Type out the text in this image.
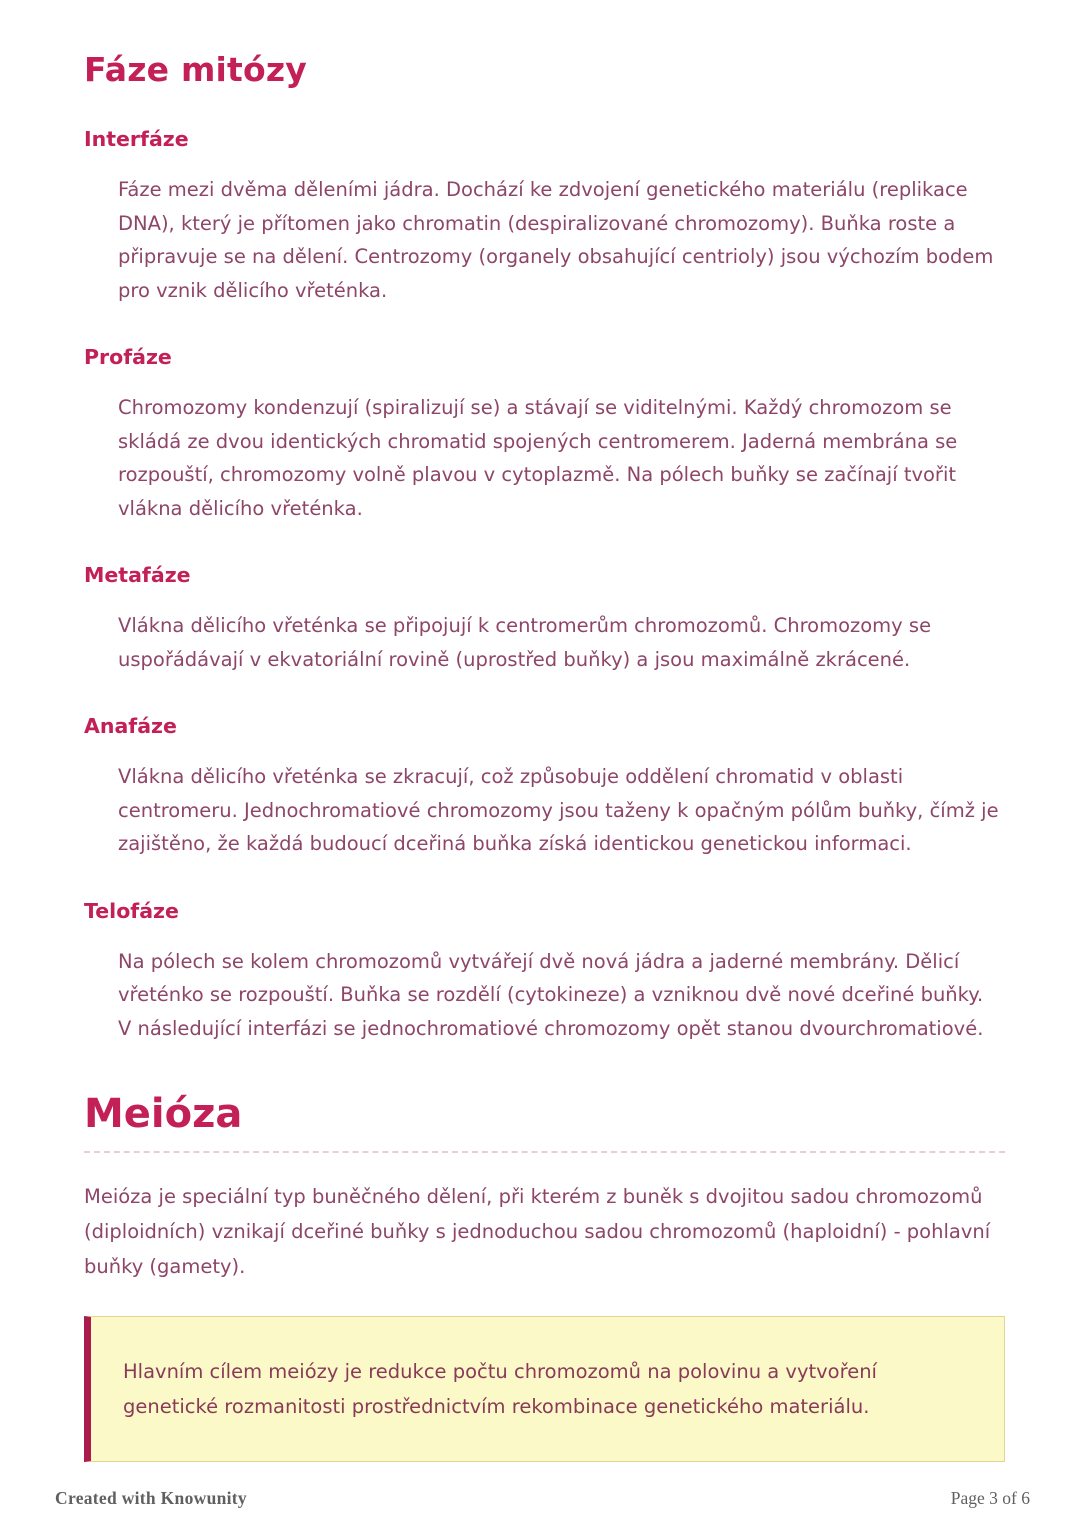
Fáze mitózy
Interfáze

Fáze mezi dvěma děleními jádra. Dochází ke zdvojení genetického materiálu (replikace DNA), který je přítomen jako chromatin (despiralizované chromozomy). Buňka roste a připravuje se na dělení. Centrozomy (organely obsahující centrioly) jsou výchozím bodem pro vznik dělicího vřeténka.

Profáze

Chromozomy kondenzují (spiralizují se) a stávají se viditelnými. Každý chromozom se skládá ze dvou identických chromatid spojených centromerem. Jaderná membrána se rozpouští, chromozomy volně plavou v cytoplazmě. Na pólech buňky se začínají tvořit vlákna dělicího vřeténka.

Metafáze

Vlákna dělicího vřeténka se připojují k centromerům chromozomů. Chromozomy se uspořádávají v ekvatoriální rovině (uprostřed buňky) a jsou maximálně zkrácené.

Anafáze

Vlákna dělicího vřeténka se zkracují, což způsobuje oddělení chromatid v oblasti centromeru. Jednochromatiové chromozomy jsou taženy k opačným pólům buňky, čímž je zajištěno, že každá budoucí dceřiná buňka získá identickou genetickou informaci.

Telofáze

Na pólech se kolem chromozomů vytvářejí dvě nová jádra a jaderné membrány. Dělicí vřeténko se rozpouští. Buňka se rozdělí (cytokineze) a vzniknou dvě nové dceřiné buňky. V následující interfázi se jednochromatiové chromozomy opět stanou dvourchromatiové.

Meióza

Meióza je speciální typ buněčného dělení, při kterém z buněk s dvojitou sadou chromozomů (diploidních) vznikají dceřiné buňky s jednoduchou sadou chromozomů (haploidní) - pohlavní buňky (gamety).

Hlavním cílem meiózy je redukce počtu chromozomů na polovinu a vytvoření genetické rozmanitosti prostřednictvím rekombinace genetického materiálu.

Created with Knowunity	Page 3 of 6
